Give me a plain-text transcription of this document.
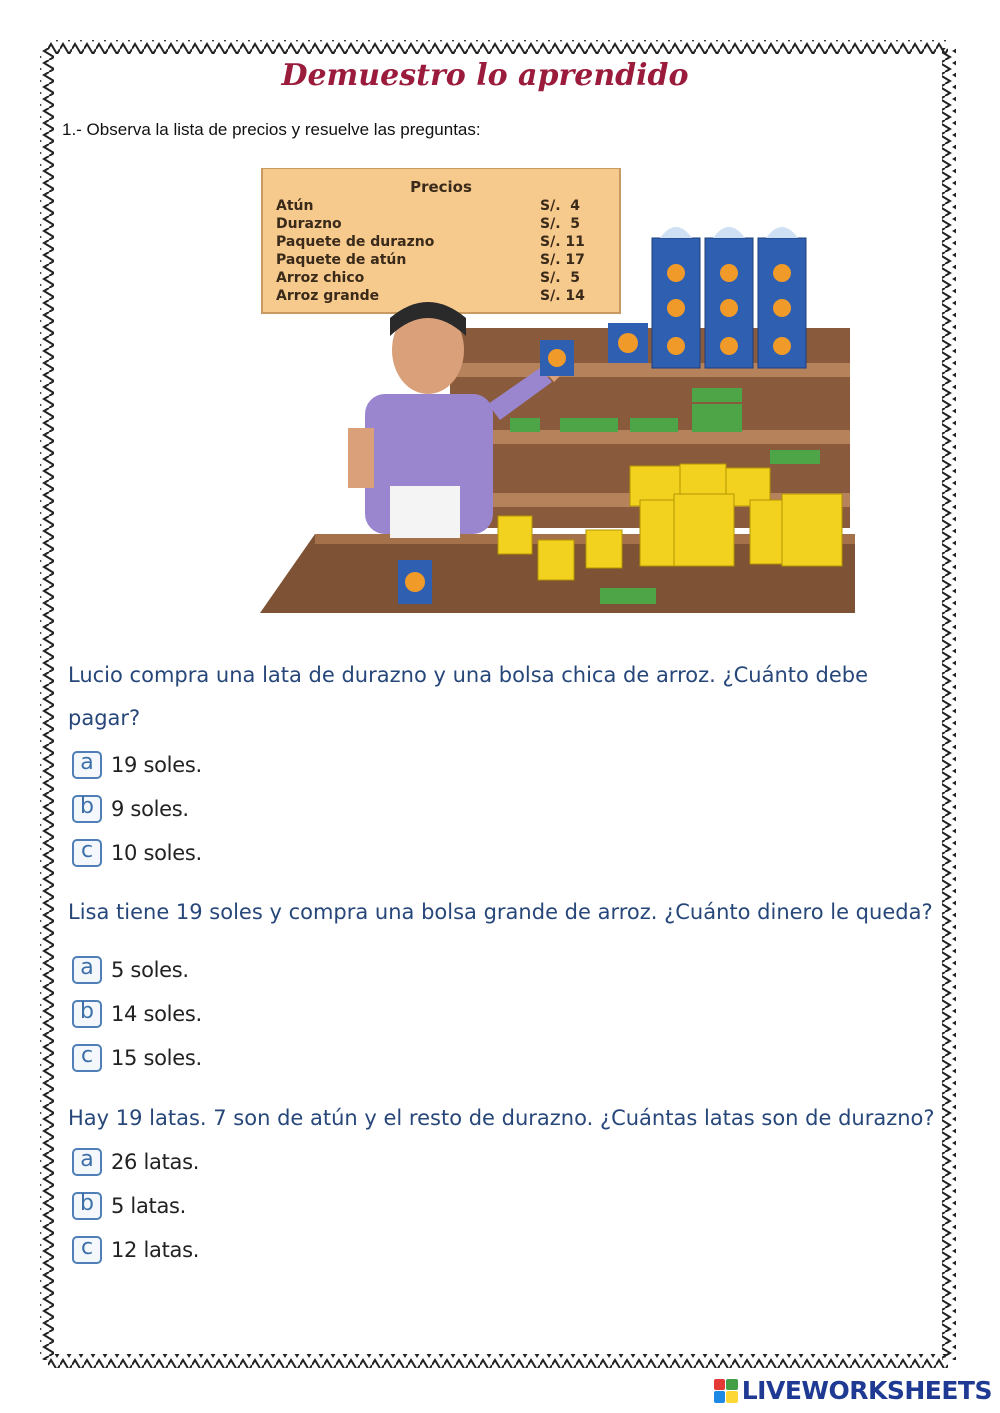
Demuestro lo aprendido
1.- Observa la lista de precios y resuelve las preguntas:
Precios
Atún	S/.  4
Durazno	S/.  5
Paquete de durazno	S/. 11
Paquete de atún	S/. 17
Arroz chico	S/.  5
Arroz grande	S/. 14
Lucio compra una lata de durazno y una bolsa chica de arroz. ¿Cuánto debe
pagar?
a 19 soles.
b 9 soles.
c 10 soles.
Lisa tiene 19 soles y compra una bolsa grande de arroz. ¿Cuánto dinero le queda?
a 5 soles.
b 14 soles.
c 15 soles.
Hay 19 latas. 7 son de atún y el resto de durazno. ¿Cuántas latas son de durazno?
a 26 latas.
b 5 latas.
c 12 latas.
LIVEWORKSHEETS
